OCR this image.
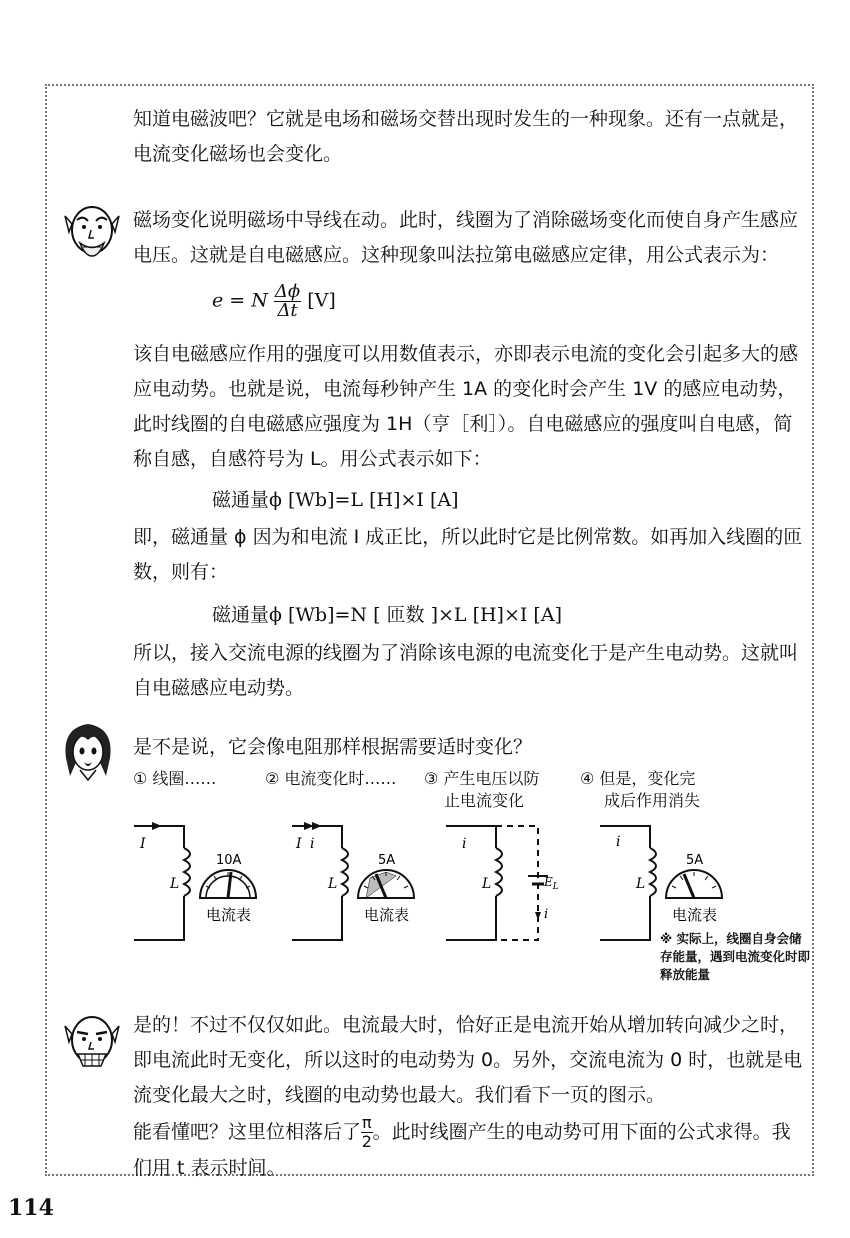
知道电磁波吧？它就是电场和磁场交替出现时发生的一种现象。还有一点就是，电流变化磁场也会变化。

磁场变化说明磁场中导线在动。此时，线圈为了消除磁场变化而使自身产生感应电压。这就是自电磁感应。这种现象叫法拉第电磁感应定律，用公式表示为：

e = N $\frac{\Delta\phi}{\Delta t} [V]$

该自电磁感应作用的强度可以用数值表示，亦即表示电流的变化会引起多大的感应电动势。也就是说，电流每秒钟产生 1A 的变化时会产生 1V 的感应电动势，此时线圈的自电磁感应强度为 1H（亨［利］）。自电磁感应的强度叫自电感，简称自感，自感符号为 L。用公式表示如下：

磁通量ϕ [Wb]=L [H]×I [A]

即，磁通量 ϕ 因为和电流 I 成正比，所以此时它是比例常数。如再加入线圈的匝数，则有：

磁通量ϕ [Wb]=N [ 匝数 ]×L [H]×I [A]

所以，接入交流电源的线圈为了消除该电源的电流变化于是产生电动势。这就叫自电磁感应电动势。

是不是说，它会像电阻那样根据需要适时变化？

① 线圈……	② 电流变化时…… ③ 产生电压以防
止电流变化
④ 但是，变化完
成后作用消失
I
L
10A
电流表
I i
L
5A
电流表
i
L	$E_L$
i
i
L
5A
电流表
※ 实际上，线圈自身会储存能量，遇到电流变化时即释放能量

是的！不过不仅仅如此。电流最大时，恰好正是电流开始从增加转向减少之时，即电流此时无变化，所以这时的电动势为 0。另外，交流电流为 0 时，也就是电流变化最大之时，线圈的电动势也最大。我们看下一页的图示。

能看懂吧？这里位相落后了 $\frac{\pi}{2}$ 。此时线圈产生的电动势可用下面的公式求得。我们用 t 表示时间。

114
